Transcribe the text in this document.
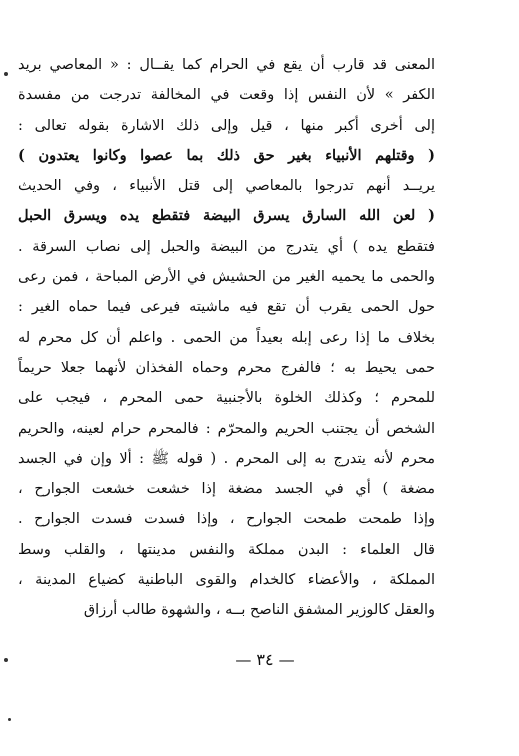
المعنى قد قارب أن يقع في الحرام كما يقــال : « المعاصي بريد
الكفر » لأن النفس إذا وقعت في المخالفة تدرجت من مفسدة
إلى أخرى أكبر منها ، قيل وإلى ذلك الاشارة بقوله تعالى :
( وقتلهم الأنبياء بغير حق ذلك بما عصوا وكانوا يعتدون )
يريــد أنهم تدرجوا بالمعاصي إلى قتل الأنبياء ، وفي الحديث
( لعن الله السارق يسرق البيضة فتقطع يده ويسرق الحبل
فتقطع يده ) أي يتدرج من البيضة والحبل إلى نصاب السرقة .
والحمى ما يحميه الغير من الحشيش في الأرض المباحة ، فمن رعى
حول الحمى يقرب أن تقع فيه ماشيته فيرعى فيما حماه الغير :
بخلاف ما إذا رعى إبله بعيداً من الحمى . واعلم أن كل محرم له
حمى يحيط به ؛ فالفرج محرم وحماه الفخذان لأنهما جعلا حريماً
للمحرم ؛ وكذلك الخلوة بالأجنبية حمى المحرم ، فيجب على
الشخص أن يجتنب الحريم والمحرّم : فالمحرم حرام لعينه، والحريم
محرم لأنه يتدرج به إلى المحرم . ( قوله ﷺ : ألا وإن في الجسد
مضغة ) أي في الجسد مضغة إذا خشعت خشعت الجوارح ،
وإذا طمحت طمحت الجوارح ، وإذا فسدت فسدت الجوارح .
قال العلماء : البدن مملكة والنفس مدينتها ، والقلب وسط
المملكة ، والأعضاء كالخدام والقوى الباطنية كضياع المدينة ،
والعقل كالوزير المشفق الناصح بــه ، والشهوة طالب أرزاق
— ٣٤ —
